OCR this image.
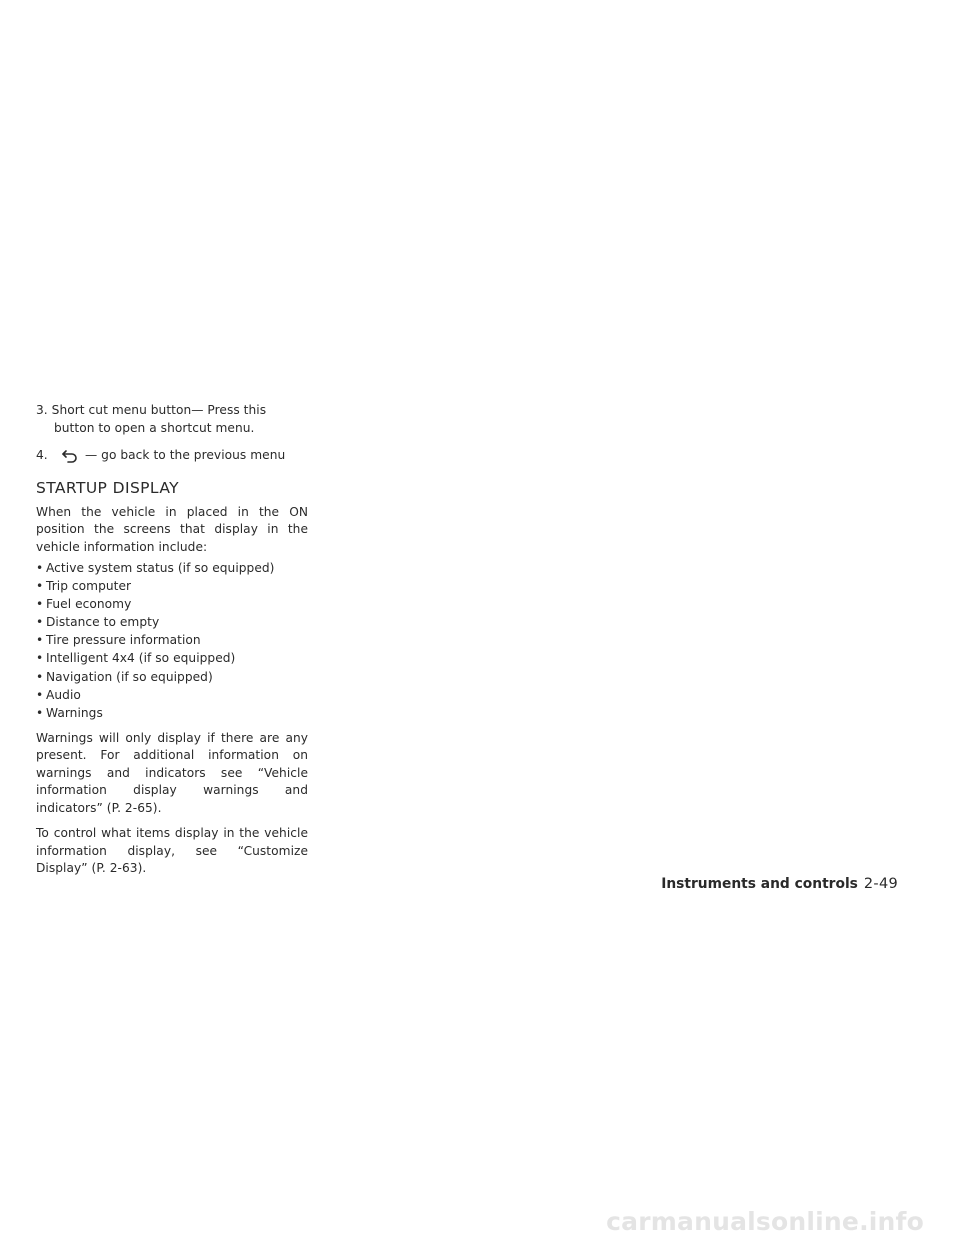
3. Short cut menu button— Press this button to open a shortcut menu.

4.	— go back to the previous menu

STARTUP DISPLAY

When the vehicle in placed in the ON position the screens that display in the vehicle information include:

• Active system status (if so equipped)
• Trip computer
• Fuel economy
• Distance to empty
• Tire pressure information
• Intelligent 4x4 (if so equipped)
• Navigation (if so equipped)
• Audio
• Warnings

Warnings will only display if there are any present. For additional information on warnings and indicators see “Vehicle information display warnings and indicators” (P. 2-65).

To control what items display in the vehicle information display, see “Customize Display” (P. 2-63).

Instruments and controls 2-49
carmanualsonline.info
